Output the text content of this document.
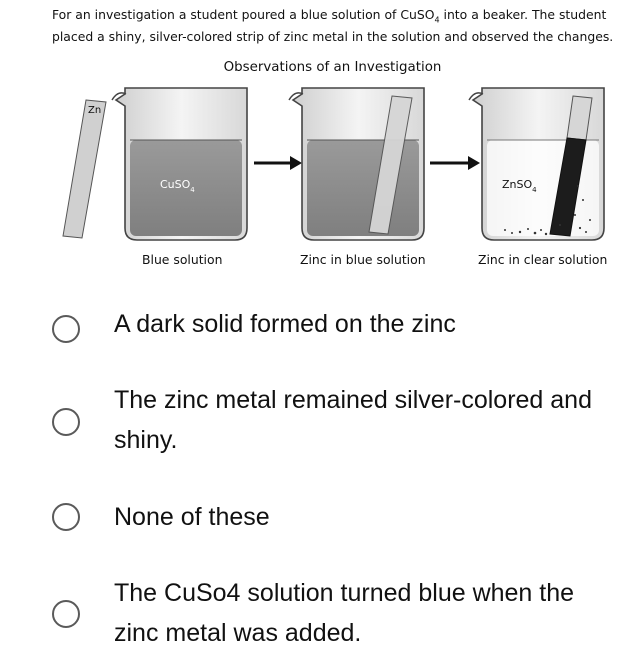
For an investigation a student poured a blue solution of CuSO$_4$ into a beaker. The student
placed a shiny, silver-colored strip of zinc metal in the solution and observed the changes.
Observations of an Investigation
Zn
CuSO$_4$	ZnSO$_4$
Blue solution	Zinc in blue solution	Zinc in clear solution
A dark solid formed on the zinc
The zinc metal remained silver-colored and shiny.
None of these
The CuSo4 solution turned blue when the zinc metal was added.
